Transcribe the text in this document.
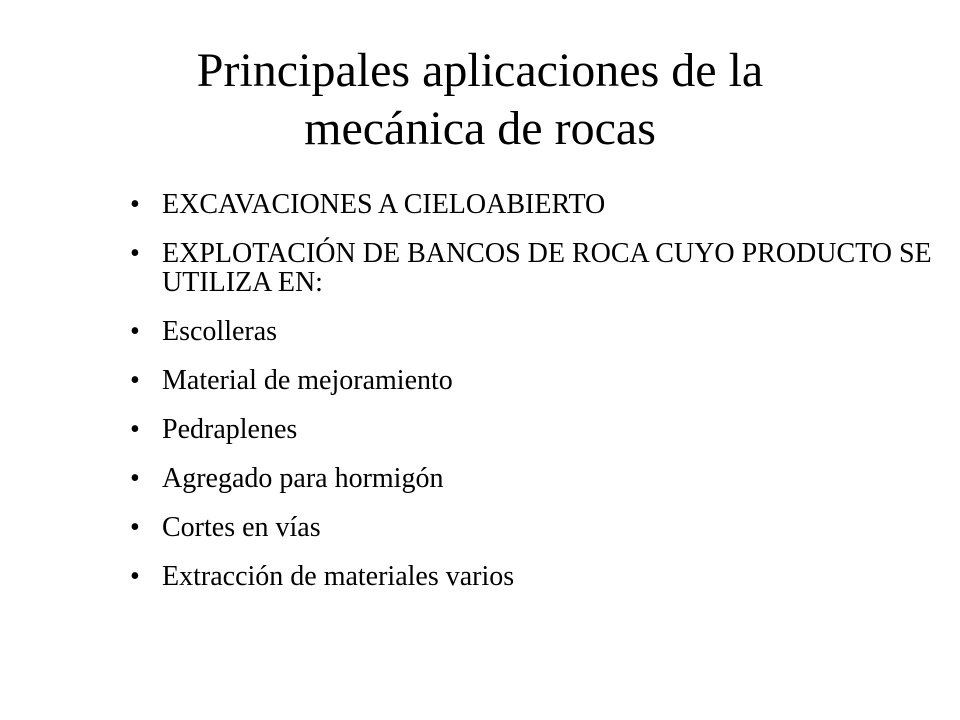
Principales aplicaciones de la
mecánica de rocas
• EXCAVACIONES A CIELOABIERTO
• EXPLOTACIÓN DE BANCOS DE ROCA CUYO PRODUCTO SE UTILIZA EN:
• Escolleras
• Material de mejoramiento
• Pedraplenes
• Agregado para hormigón
• Cortes en vías
• Extracción de materiales varios
